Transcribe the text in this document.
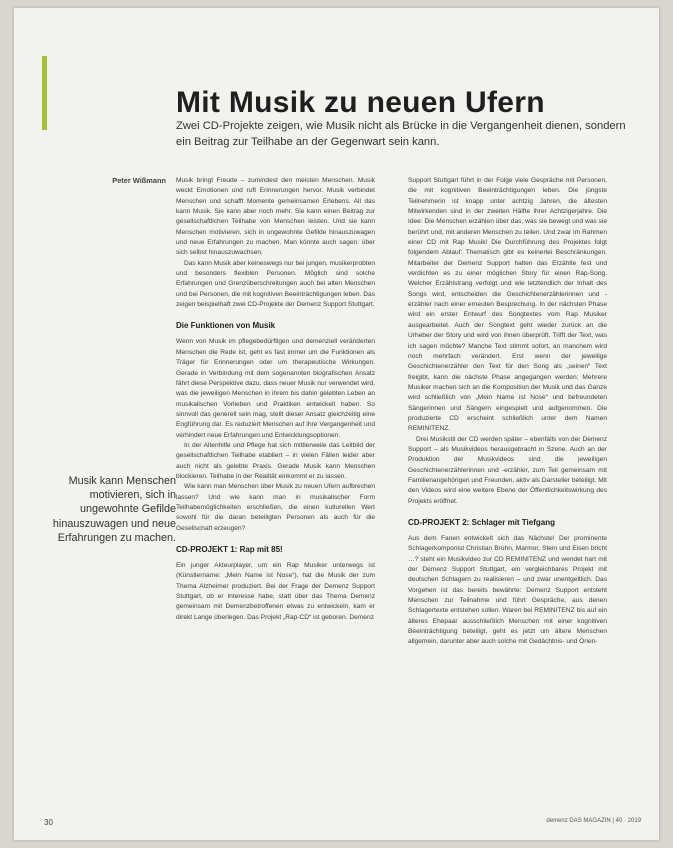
Mit Musik zu neuen Ufern
Zwei CD-Projekte zeigen, wie Musik nicht als Brücke in die Vergangenheit dienen, sondern ein Beitrag zur Teilhabe an der Gegenwart sein kann.
Peter Wißmann
Musik kann Menschen motivieren, sich in ungewohnte Gefilde hinauszuwagen und neue Erfahrungen zu machen.

Musik bringt Freude – zumindest den meisten Menschen. Musik weckt Emotionen und ruft Erinnerungen hervor. Musik verbindet Menschen und schafft Momente gemeinsamen Erlebens. All das kann Musik. Sie kann aber noch mehr. Sie kann einen Beitrag zur gesellschaftlichen Teilhabe von Menschen leisten. Und sie kann Menschen motivieren, sich in ungewohnte Gefilde hinauszuwagen und neue Erfahrungen zu machen. Man könnte auch sagen: über sich selbst hinauszuwachsen.

Das kann Musik aber keineswegs nur bei jungen, musikerprobten und besonders flexiblen Personen. Möglich sind solche Erfahrungen und Grenzüberschreitungen auch bei alten Menschen und bei Personen, die mit kognitiven Beeinträchtigungen leben. Das zeigen beispielhaft zwei CD-Projekte der Demenz Support Stuttgart.

Die Funktionen von Musik

Wenn von Musik im pflegebedürftigen und demenziell veränderten Menschen die Rede ist, geht es fast immer um die Funktionen als Träger für Erinnerungen oder um therapeutische Wirkungen. Gerade in Verbindung mit dem sogenannten biografischen Ansatz fährt diese Perspektive dazu, dass neuer Musik nur verwendet wird, was die jeweiligen Menschen in ihrem bis dahin gelebten Leben an musikalischen Vorlieben und Praktiken entwickelt haben. So sinnvoll das generell sein mag, stellt dieser Ansatz gleichzeitig eine Engführung dar. Es reduziert Menschen auf ihre Vergangenheit und verhindert neue Erfahrungen und Entwicklungsoptionen.

In der Altenhilfe und Pflege hat sich mittlerweile das Leitbild der gesellschaftlichen Teilhabe etabliert – in vielen Fällen leider aber auch nicht als gelebte Praxis. Gerade Musik kann Menschen blockieren. Teilhabe in der Realität einkommt er zu lassen.

Wie kann man Menschen über Musik zu neuen Ufern aufbrechen lassen? Und wie kann man in musikalischer Form Teilhabemöglichkeiten erschließen, die einen kulturellen Wert sowohl für die daran beteiligten Personen als auch für die Gesellschaft erzeugen?

CD-PROJEKT 1: Rap mit 85!

Ein junger Akteurplayer, um ein Rap Musiker unterwegs ist (Künstlername: „Mein Name ist Nose“), hat die Musik der zum Thema Alzheimer produziert. Bei der Frage der Demenz Support Stuttgart, ob er Interesse habe, statt über das Thema Demenz gemeinsam mit Demenzbetroffenen etwas zu entwickeln, kam er direkt Lange überlegen. Das Projekt „Rap-CD“ ist geboren. Demenz

Support Stuttgart führt in der Folge viele Gespräche mit Personen, die mit kognitiven Beeinträchtigungen leben. Die jüngste Teilnehmerin ist knapp unter achtzig Jahren, die ältesten Mitwirkenden sind in der zweiten Hälfte ihrer Achtzigerjahre. Die Idee: Die Menschen erzählen über das, was sie bewegt und was sie berührt und, mit anderen Menschen zu teilen. Und zwar im Rahmen einer CD mit Rap Musik! Die Durchführung des Projektes folgt folgendem Ablauf: Thematisch gibt es keinerlei Beschränkungen. Mitarbeiter der Demenz Support halten das Erzählte fest und verdichten es zu einer möglichen Story für einen Rap-Song. Welcher Erzählstrang verfolgt und wie letztendlich der Inhalt des Songs wird, entscheiden die Geschichtenerzählerinnen und -erzähler nach einer erneuten Besprechung. In der nächsten Phase wird ein erster Entwurf des Songtextes vom Rap Musiker ausgearbeitet. Auch der Songtext geht wieder zurück an die Urheber der Story und wird von ihnen überprüft. Trifft der Text, was ich sagen möchte? Manche Text stimmt sofort, an manchem wird noch mehrfach verändert. Erst wenn der jeweilige Geschichtenerzähler den Text für den Song als „seinen“ Text freigibt, kann die nächste Phase angegangen werden: Mehrere Musiker machen sich an die Komposition der Musik und das Ganze wird schließlich von „Mein Name ist Nose“ und befreundeten Sängerinnen und Sängern eingespielt und aufgenommen. Die produzierte CD erscheint schließlich unter dem Namen REMINITENZ.

Drei Musikstil der CD werden später – ebenfalls von der Demenz Support – als Musikvideos herausgebracht in Szene. Auch an der Produktion der Musikvideos sind die jeweiligen Geschichtenerzählerinnen und -erzähler, zum Teil gemeinsam mit Familienangehörigen und Freunden, aktiv als Darsteller beteiligt. Mit den Videos wird eine weitere Ebene der Öffentlichkeitswirkung des Projekts eröffnet.

CD-PROJEKT 2: Schlager mit Tiefgang

Aus dem Fanen entwickelt sich das Nächste! Der prominente Schlagerkomponist Christian Bruhn, Marmor, Stein und Eisen bricht …? steht ein Musikvideo zur CD REMINITENZ und wendet hart mit der Demenz Support Stuttgart, ein vergleichbares Projekt mit deutschen Schlagern zu realisieren – und zwar unentgeltlich. Das Vorgehen ist das bereits bewährte: Demenz Support entsteht Menschen zur Teilnahme und führt Gespräche, aus denen Schlagertexte entstehen sollen. Waren bei REMINITENZ bis auf ein älteres Ehepaar ausschließlich Menschen mit einer kognitiven Beeinträchtigung beteiligt, geht es jetzt um ältere Menschen allgemein, darunter aber auch solche mit Gedächtnis- und Orien-

30	demenz DAS MAGAZIN | 40 · 2019
